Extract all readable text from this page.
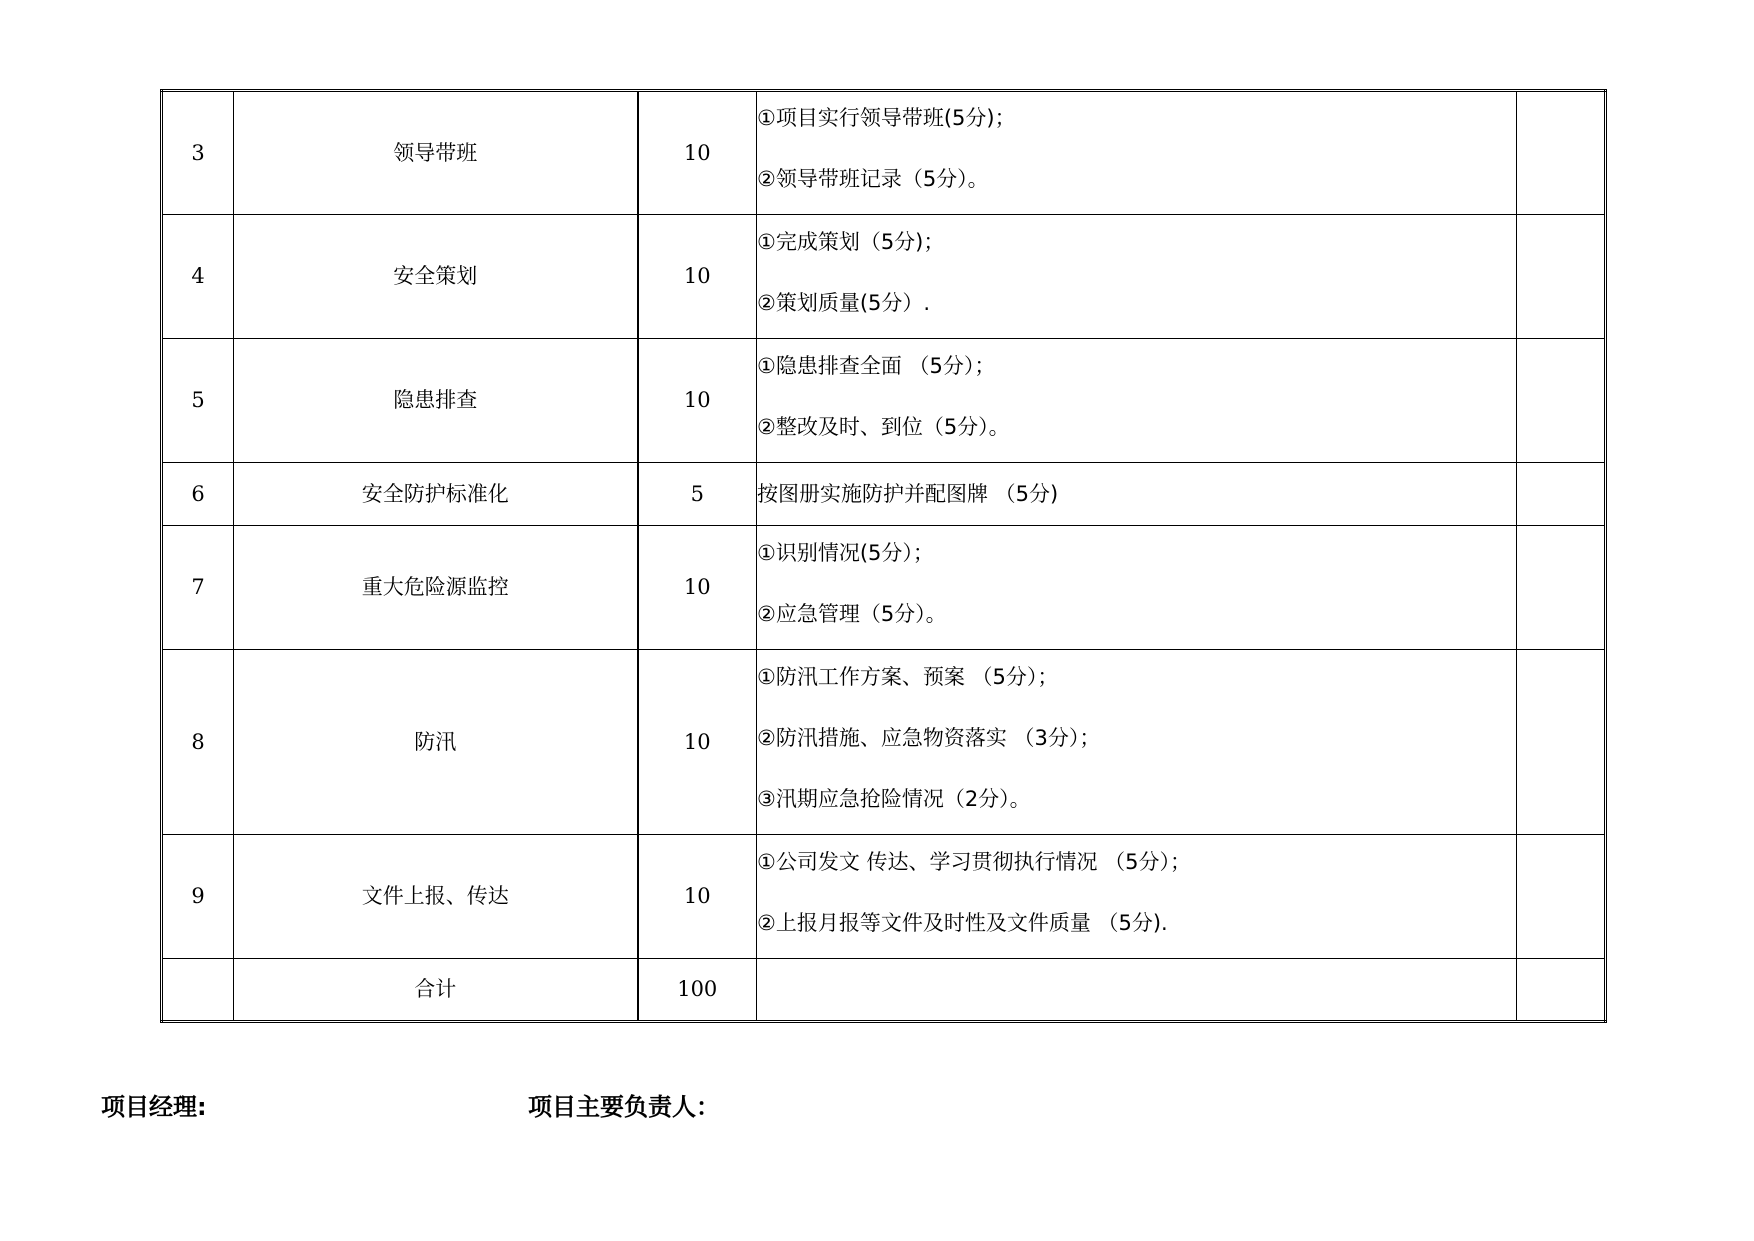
3	领导带班	10	①项目实行领导带班(5分)；
②领导带班记录（5分）。	

4	安全策划	10	①完成策划（5分)；
②策划质量(5分）.	

5	隐患排查	10	①隐患排查全面 （5分）；
②整改及时、到位（5分）。	

6	安全防护标准化	5	按图册实施防护并配图牌 （5分)	

7	重大危险源监控	10	①识别情况(5分）；
②应急管理（5分）。	

8	防汛	10	①防汛工作方案、预案 （5分）；
②防汛措施、应急物资落实 （3分）；
③汛期应急抢险情况（2分）。	

9	文件上报、传达	10	①公司发文 传达、学习贯彻执行情况 （5分）；
②上报月报等文件及时性及文件质量 （5分).	

	合计	100		
项目经理:	项目主要负责人：
